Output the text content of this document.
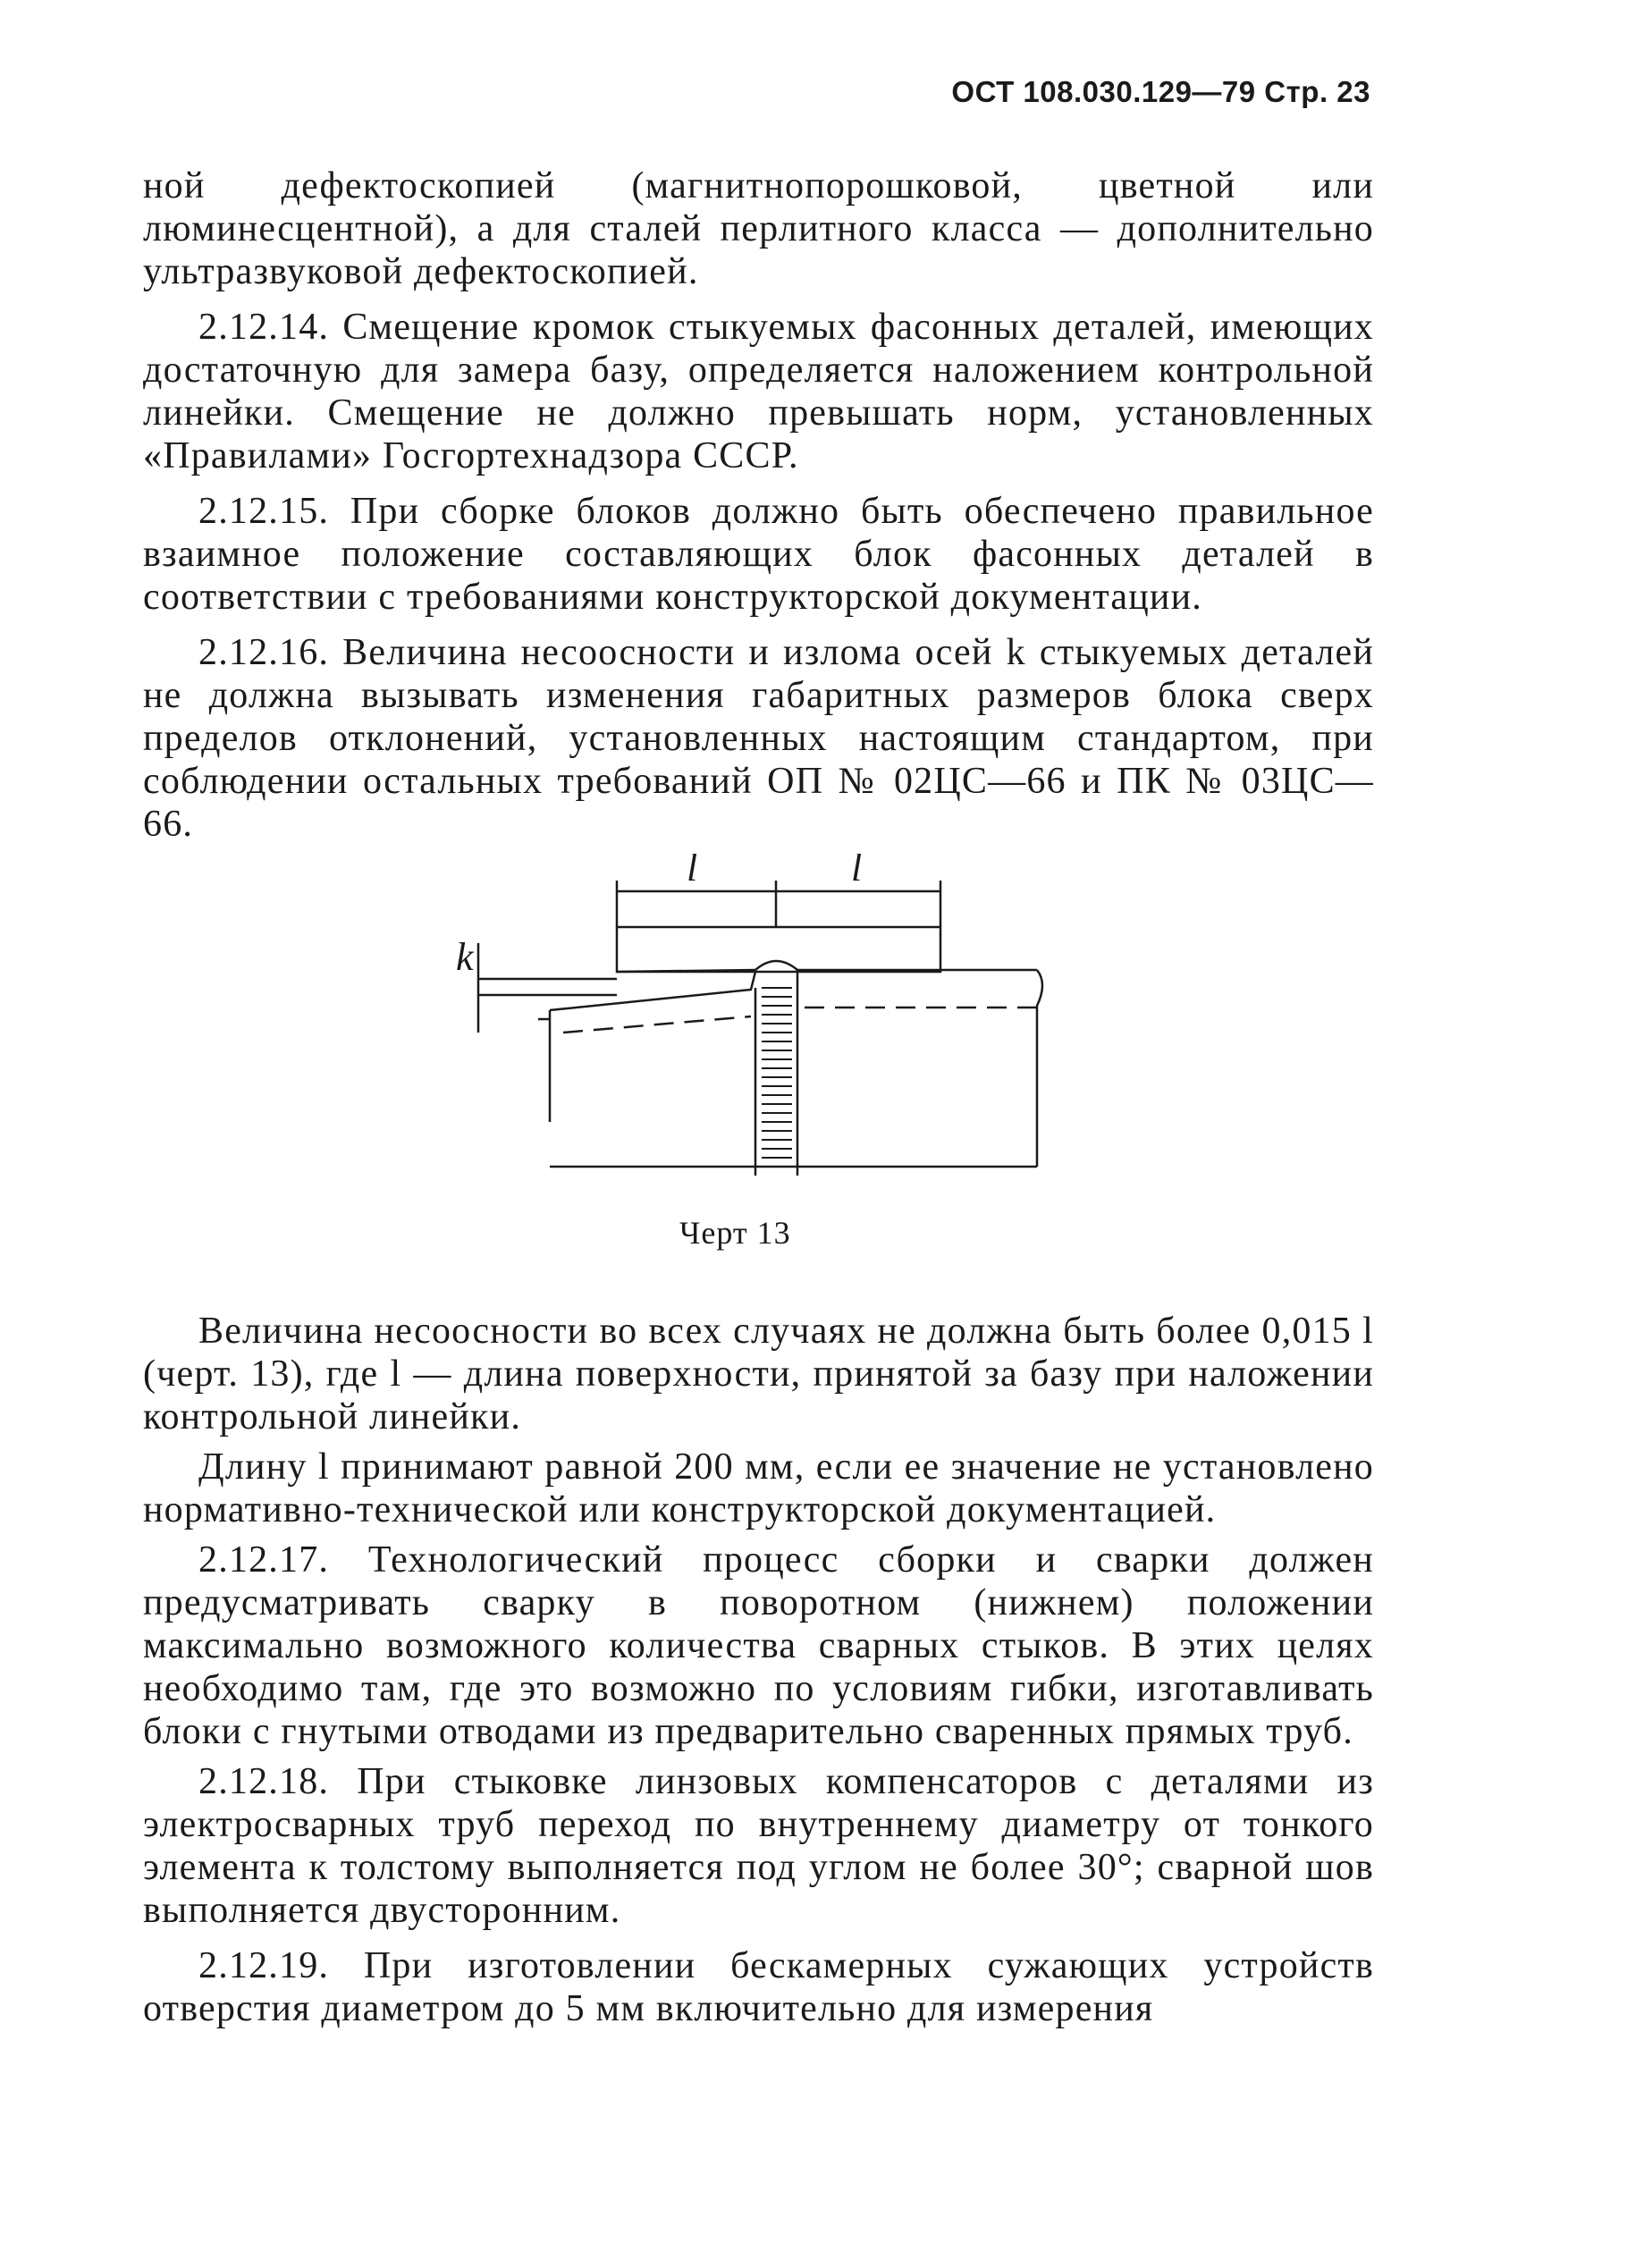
ОСТ 108.030.129—79 Стр. 23

ной дефектоскопией (магнитнопорошковой, цветной или люминесцентной), а для сталей перлитного класса — дополнительно ультразвуковой дефектоскопией.

2.12.14. Смещение кромок стыкуемых фасонных деталей, имеющих достаточную для замера базу, определяется наложением контрольной линейки. Смещение не должно превышать норм, установленных «Правилами» Госгортехнадзора СССР.

2.12.15. При сборке блоков должно быть обеспечено правильное взаимное положение составляющих блок фасонных деталей в соответствии с требованиями конструкторской документации.

2.12.16. Величина несоосности и излома осей k стыкуемых деталей не должна вызывать изменения габаритных размеров блока сверх пределов отклонений, установленных настоящим стандартом, при соблюдении остальных требований ОП № 02ЦС—66 и ПК № 03ЦС—66.

l	l
k
Черт 13

Величина несоосности во всех случаях не должна быть более 0,015 l (черт. 13), где l — длина поверхности, принятой за базу при наложении контрольной линейки.

Длину l принимают равной 200 мм, если ее значение не установлено нормативно-технической или конструкторской документацией.

2.12.17. Технологический процесс сборки и сварки должен предусматривать сварку в поворотном (нижнем) положении максимально возможного количества сварных стыков. В этих целях необходимо там, где это возможно по условиям гибки, изготавливать блоки с гнутыми отводами из предварительно сваренных прямых труб.

2.12.18. При стыковке линзовых компенсаторов с деталями из электросварных труб переход по внутреннему диаметру от тонкого элемента к толстому выполняется под углом не более 30°; сварной шов выполняется двусторонним.

2.12.19. При изготовлении бескамерных сужающих устройств отверстия диаметром до 5 мм включительно для измерения
